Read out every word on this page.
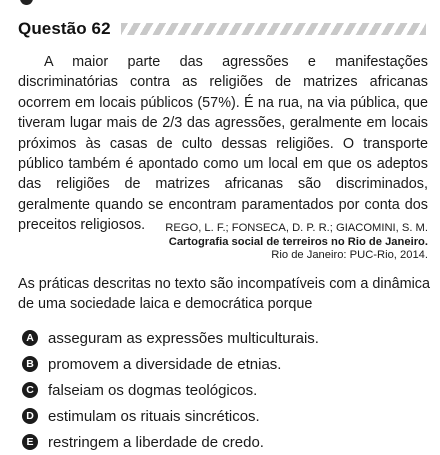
Questão 62

A maior parte das agressões e manifestações discriminatórias contra as religiões de matrizes africanas ocorrem em locais públicos (57%). É na rua, na via pública, que tiveram lugar mais de 2/3 das agressões, geralmente em locais próximos às casas de culto dessas religiões. O transporte público também é apontado como um local em que os adeptos das religiões de matrizes africanas são discriminados, geralmente quando se encontram paramentados por conta dos preceitos religiosos.	REGO, L. F.; FONSECA, D. P. R.; GIACOMINI, S. M.
Cartografia social de terreiros no Rio de Janeiro.
Rio de Janeiro: PUC-Rio, 2014.

As práticas descritas no texto são incompatíveis com a dinâmica de uma sociedade laica e democrática porque

A asseguram as expressões multiculturais.
B promovem a diversidade de etnias.
C falseiam os dogmas teológicos.
D estimulam os rituais sincréticos.
E restringem a liberdade de credo.
